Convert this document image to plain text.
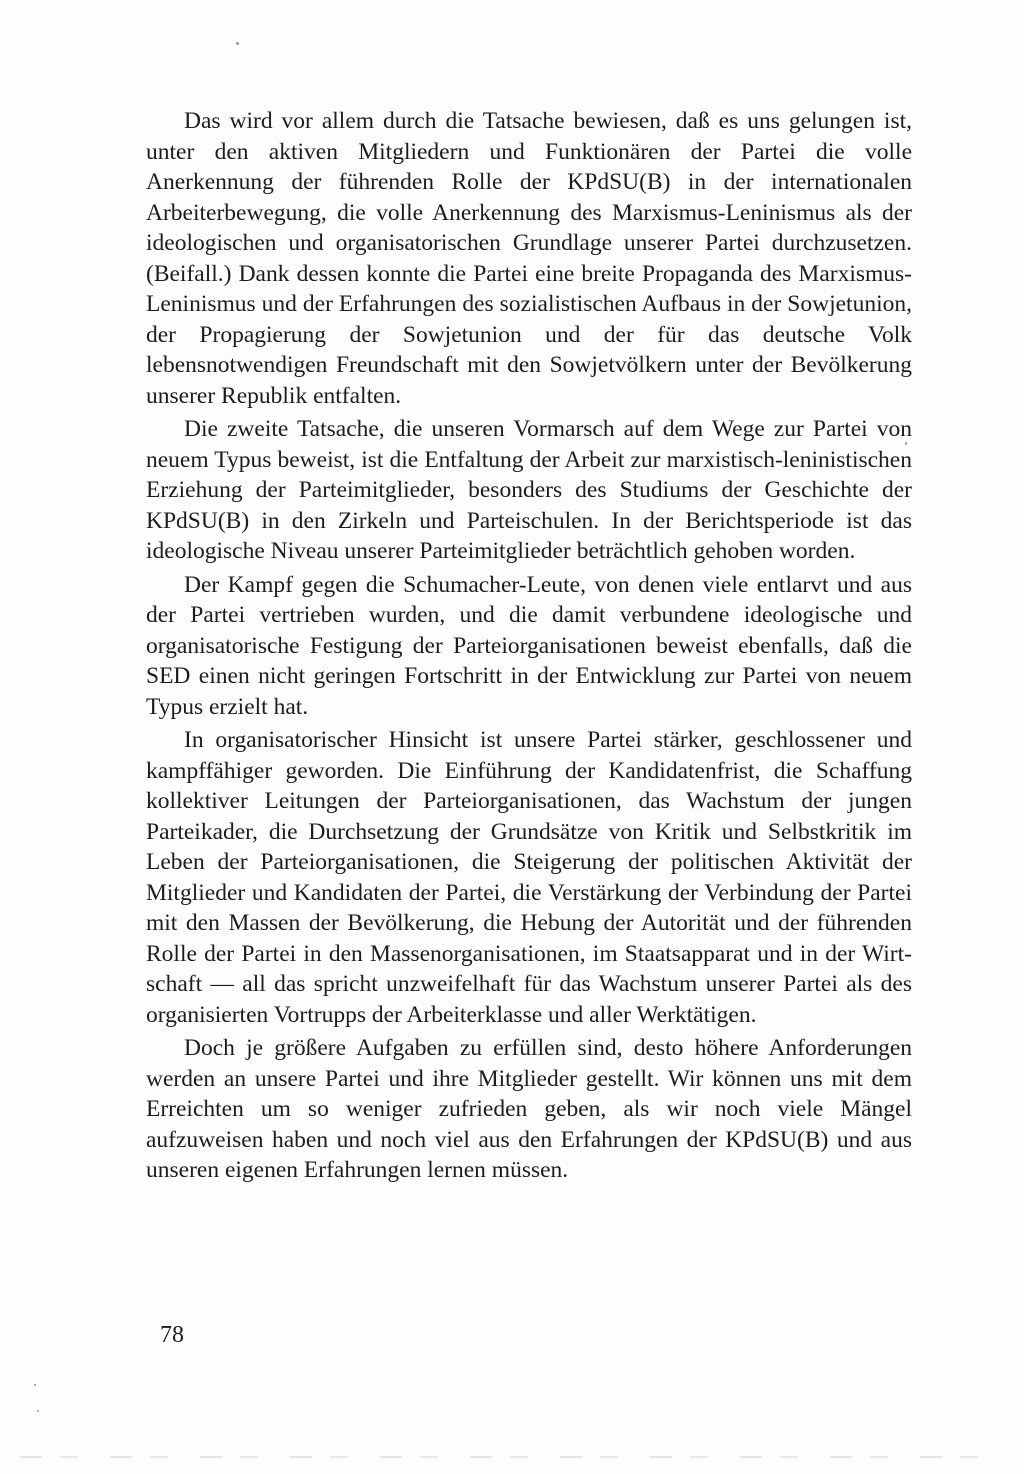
Das wird vor allem durch die Tatsache bewiesen, daß es uns gelungen ist, unter den aktiven Mitgliedern und Funktionären der Partei die volle Anerkennung der führenden Rolle der KPdSU(B) in der internationalen Arbeiterbewegung, die volle Anerkennung des Marxismus-Leninismus als der ideologischen und organisatorischen Grundlage unserer Partei durchzusetzen. (Beifall.) Dank dessen konnte die Partei eine breite Propaganda des Marxismus-Leninismus und der Erfahrungen des sozialistischen Aufbaus in der Sowjetunion, der Propagierung der Sowjetunion und der für das deutsche Volk lebensnotwendigen Freundschaft mit den Sowjetvölkern unter der Bevölkerung unserer Republik entfalten.

Die zweite Tatsache, die unseren Vormarsch auf dem Wege zur Partei von neuem Typus beweist, ist die Entfaltung der Arbeit zur marxistisch-leninistischen Erziehung der Parteimitglieder, besonders des Studiums der Geschichte der KPdSU(B) in den Zirkeln und Parteischulen. In der Berichtsperiode ist das ideologische Niveau unserer Parteimitglieder beträchtlich gehoben worden.

Der Kampf gegen die Schumacher-Leute, von denen viele entlarvt und aus der Partei vertrieben wurden, und die damit verbundene ideologische und organisatorische Festigung der Parteiorganisationen beweist ebenfalls, daß die SED einen nicht geringen Fortschritt in der Entwicklung zur Partei von neuem Typus erzielt hat.

In organisatorischer Hinsicht ist unsere Partei stärker, geschlossener und kampffähiger geworden. Die Einführung der Kandidatenfrist, die Schaffung kollektiver Leitungen der Parteiorganisationen, das Wachstum der jungen Parteikader, die Durchsetzung der Grundsätze von Kritik und Selbstkritik im Leben der Parteiorganisationen, die Steigerung der politischen Aktivität der Mitglieder und Kandidaten der Partei, die Verstärkung der Verbindung der Partei mit den Massen der Bevölkerung, die Hebung der Autorität und der führenden Rolle der Partei in den Massenorganisationen, im Staatsapparat und in der Wirtschaft — all das spricht unzweifelhaft für das Wachstum unserer Partei als des organisierten Vortrupps der Arbeiterklasse und aller Werktätigen.

Doch je größere Aufgaben zu erfüllen sind, desto höhere Anforderungen werden an unsere Partei und ihre Mitglieder gestellt. Wir können uns mit dem Erreichten um so weniger zufrieden geben, als wir noch viele Mängel aufzuweisen haben und noch viel aus den Erfahrungen der KPdSU(B) und aus unseren eigenen Erfahrungen lernen müssen.

78
